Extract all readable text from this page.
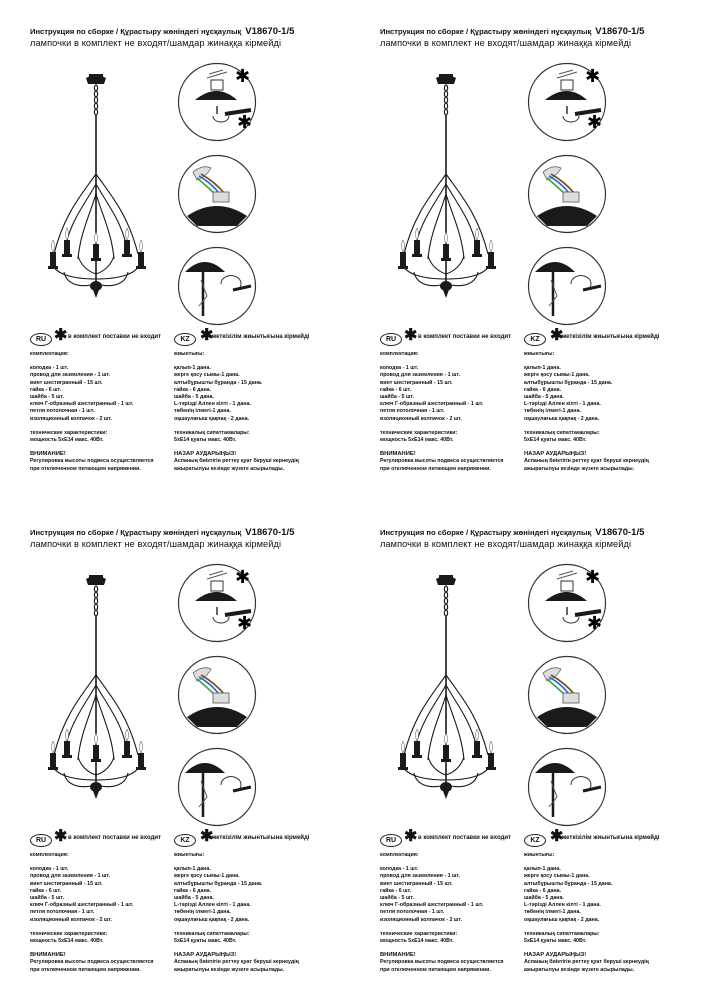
Инструкция по сборке / Құрастыру жөніндегі нұсқаулық V18670-1/5
лампочки в комплект не входят/шамдар жинаққа кірмейді
✱
✱
RU ✱ в комплект поставки не входит	KZ ✱
жеткізілім жиынтығына кірмейді
комплектация:
колодка - 1 шт.
провод для заземления - 1 шт.
винт шестигранный - 15 шт.
гайка - 6 шт.
шайба - 5 шт.
ключ Г-образный шестигранный - 1 шт.
петля потолочная - 1 шт.
изоляционный колпачок - 2 шт.
технические характеристики:
мощность 5xE14 макс. 40Вт.
ВНИМАНИЕ!
Регулировка высоты подвеса осуществляется
при отключенном питающем напряжении.
жиынтығы:
қалып-1 дана.
жерге қосу сымы-1 дана.
алтыбұрышты бұранда - 15 дана.
гайка - 6 дана.
шайба - 5 дана.
L-тәрізді Аллен кілті - 1 дана.
төбенің ілмегі-1 дана.
оқшаулағыш қақпақ - 2 дана.
техникалық сипаттамалары:
5xE14 қуаты макс. 40Вт.
НАЗАР АУДАРЫҢЫЗ!
Аспаның биіктігін реттеу қуат беруші кернеудің
ажыратылуы кезінде жүзеге асырылады.
Инструкция по сборке / Құрастыру жөніндегі нұсқаулық V18670-1/5
лампочки в комплект не входят/шамдар жинаққа кірмейді
✱
✱
RU ✱ в комплект поставки не входит	KZ ✱
жеткізілім жиынтығына кірмейді
комплектация:
колодка - 1 шт.
провод для заземления - 1 шт.
винт шестигранный - 15 шт.
гайка - 6 шт.
шайба - 5 шт.
ключ Г-образный шестигранный - 1 шт.
петля потолочная - 1 шт.
изоляционный колпачок - 2 шт.
технические характеристики:
мощность 5xE14 макс. 40Вт.
ВНИМАНИЕ!
Регулировка высоты подвеса осуществляется
при отключенном питающем напряжении.
жиынтығы:
қалып-1 дана.
жерге қосу сымы-1 дана.
алтыбұрышты бұранда - 15 дана.
гайка - 6 дана.
шайба - 5 дана.
L-тәрізді Аллен кілті - 1 дана.
төбенің ілмегі-1 дана.
оқшаулағыш қақпақ - 2 дана.
техникалық сипаттамалары:
5xE14 қуаты макс. 40Вт.
НАЗАР АУДАРЫҢЫЗ!
Аспаның биіктігін реттеу қуат беруші кернеудің
ажыратылуы кезінде жүзеге асырылады.
Инструкция по сборке / Құрастыру жөніндегі нұсқаулық V18670-1/5
лампочки в комплект не входят/шамдар жинаққа кірмейді
✱
✱
RU ✱ в комплект поставки не входит	KZ ✱
жеткізілім жиынтығына кірмейді
комплектация:
колодка - 1 шт.
провод для заземления - 1 шт.
винт шестигранный - 15 шт.
гайка - 6 шт.
шайба - 5 шт.
ключ Г-образный шестигранный - 1 шт.
петля потолочная - 1 шт.
изоляционный колпачок - 2 шт.
технические характеристики:
мощность 5xE14 макс. 40Вт.
ВНИМАНИЕ!
Регулировка высоты подвеса осуществляется
при отключенном питающем напряжении.
жиынтығы:
қалып-1 дана.
жерге қосу сымы-1 дана.
алтыбұрышты бұранда - 15 дана.
гайка - 6 дана.
шайба - 5 дана.
L-тәрізді Аллен кілті - 1 дана.
төбенің ілмегі-1 дана.
оқшаулағыш қақпақ - 2 дана.
техникалық сипаттамалары:
5xE14 қуаты макс. 40Вт.
НАЗАР АУДАРЫҢЫЗ!
Аспаның биіктігін реттеу қуат беруші кернеудің
ажыратылуы кезінде жүзеге асырылады.
Инструкция по сборке / Құрастыру жөніндегі нұсқаулық V18670-1/5
лампочки в комплект не входят/шамдар жинаққа кірмейді
✱
✱
RU ✱ в комплект поставки не входит	KZ ✱
жеткізілім жиынтығына кірмейді
комплектация:
колодка - 1 шт.
провод для заземления - 1 шт.
винт шестигранный - 15 шт.
гайка - 6 шт.
шайба - 5 шт.
ключ Г-образный шестигранный - 1 шт.
петля потолочная - 1 шт.
изоляционный колпачок - 2 шт.
технические характеристики:
мощность 5xE14 макс. 40Вт.
ВНИМАНИЕ!
Регулировка высоты подвеса осуществляется
при отключенном питающем напряжении.
жиынтығы:
қалып-1 дана.
жерге қосу сымы-1 дана.
алтыбұрышты бұранда - 15 дана.
гайка - 6 дана.
шайба - 5 дана.
L-тәрізді Аллен кілті - 1 дана.
төбенің ілмегі-1 дана.
оқшаулағыш қақпақ - 2 дана.
техникалық сипаттамалары:
5xE14 қуаты макс. 40Вт.
НАЗАР АУДАРЫҢЫЗ!
Аспаның биіктігін реттеу қуат беруші кернеудің
ажыратылуы кезінде жүзеге асырылады.
